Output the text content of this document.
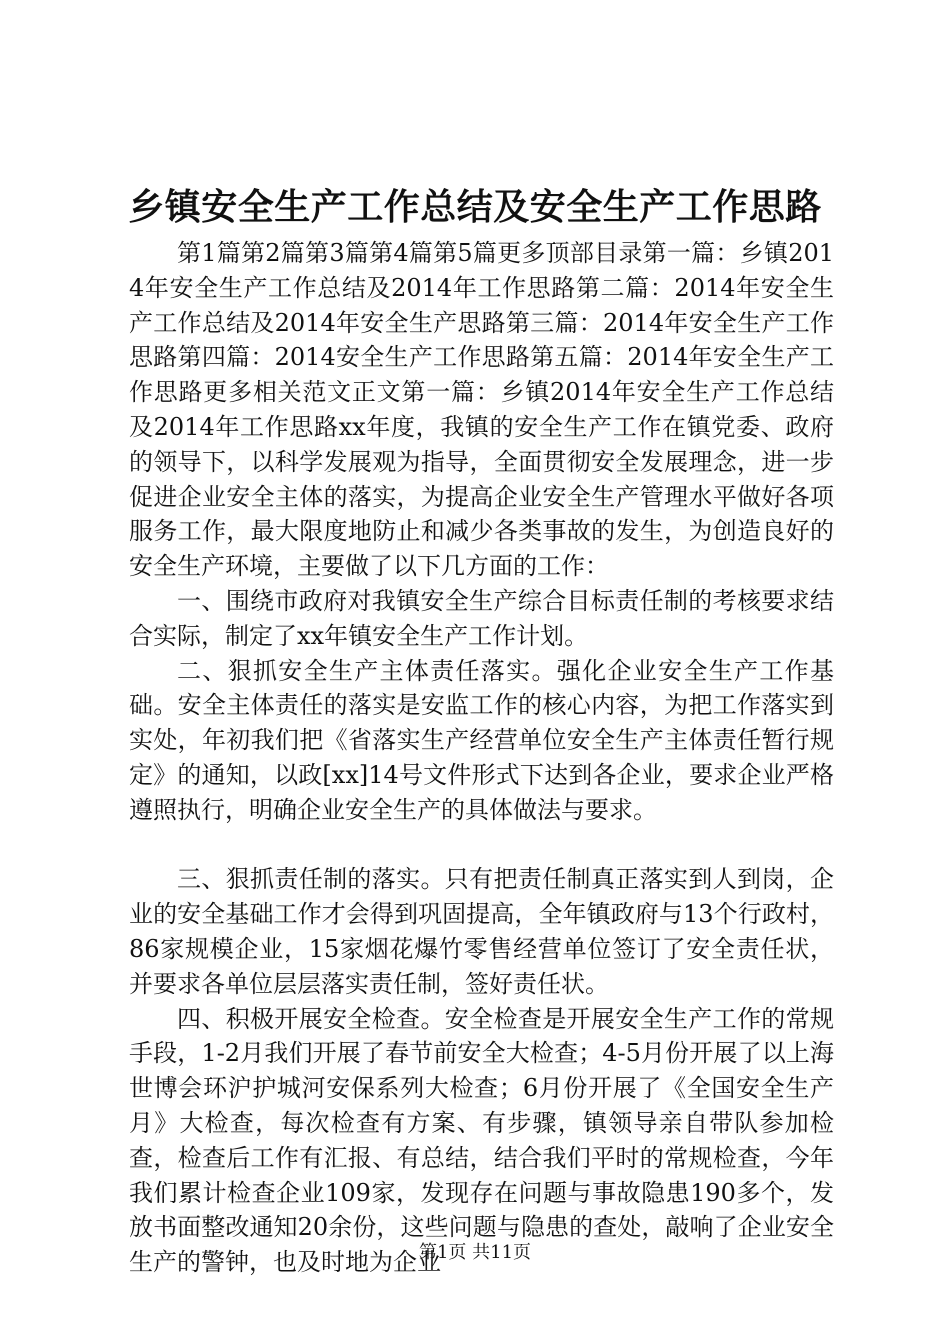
乡镇安全生产工作总结及安全生产工作思路

第1篇第2篇第3篇第4篇第5篇更多顶部目录第一篇：乡镇2014年安全生产工作总结及2014年工作思路第二篇：2014年安全生产工作总结及2014年安全生产思路第三篇：2014年安全生产工作思路第四篇：2014安全生产工作思路第五篇：2014年安全生产工作思路更多相关范文正文第一篇：乡镇2014年安全生产工作总结及2014年工作思路xx年度，我镇的安全生产工作在镇党委、政府的领导下，以科学发展观为指导，全面贯彻安全发展理念，进一步促进企业安全主体的落实，为提高企业安全生产管理水平做好各项服务工作，最大限度地防止和减少各类事故的发生，为创造良好的安全生产环境，主要做了以下几方面的工作：

一、围绕市政府对我镇安全生产综合目标责任制的考核要求结合实际，制定了xx年镇安全生产工作计划。

二、狠抓安全生产主体责任落实。强化企业安全生产工作基础。安全主体责任的落实是安监工作的核心内容，为把工作落实到实处，年初我们把《省落实生产经营单位安全生产主体责任暂行规定》的通知，以政[xx]14号文件形式下达到各企业，要求企业严格遵照执行，明确企业安全生产的具体做法与要求。

三、狠抓责任制的落实。只有把责任制真正落实到人到岗，企业的安全基础工作才会得到巩固提高，全年镇政府与13个行政村，86家规模企业，15家烟花爆竹零售经营单位签订了安全责任状，并要求各单位层层落实责任制，签好责任状。

四、积极开展安全检查。安全检查是开展安全生产工作的常规手段，1-2月我们开展了春节前安全大检查；4-5月份开展了以上海世博会环沪护城河安保系列大检查；6月份开展了《全国安全生产月》大检查，每次检查有方案、有步骤，镇领导亲自带队参加检查，检查后工作有汇报、有总结，结合我们平时的常规检查，今年我们累计检查企业109家，发现存在问题与事故隐患190多个，发放书面整改通知20余份，这些问题与隐患的查处，敲响了企业安全生产的警钟，也及时地为企业

第1页 共11页
